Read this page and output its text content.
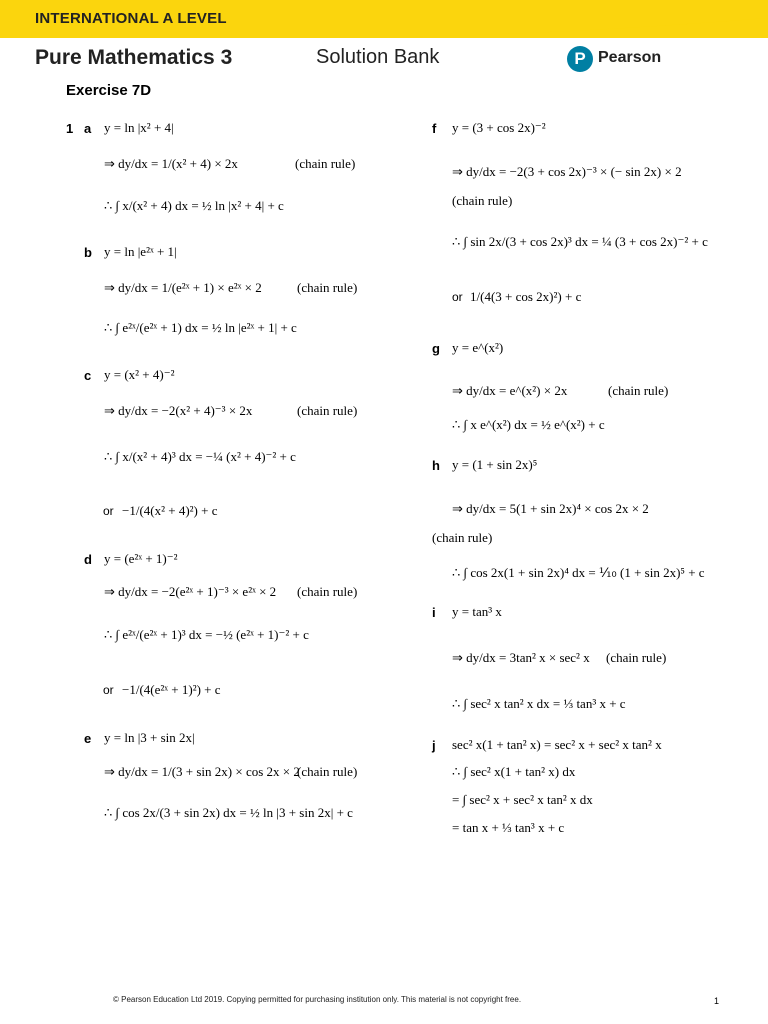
INTERNATIONAL A LEVEL
Pure Mathematics 3	Solution Bank	P Pearson
Exercise 7D
1 a y = ln |x² + 4|
⇒ dy/dx = 1/(x² + 4) × 2x	(chain rule)
∴ ∫ x/(x² + 4) dx = ½ ln |x² + 4| + c
b y = ln |e²ˣ + 1|
⇒ dy/dx = 1/(e²ˣ + 1) × e²ˣ × 2	(chain rule)
∴ ∫ e²ˣ/(e²ˣ + 1) dx = ½ ln |e²ˣ + 1| + c
c y = (x² + 4)⁻²
⇒ dy/dx = −2(x² + 4)⁻³ × 2x	(chain rule)
∴ ∫ x/(x² + 4)³ dx = −¼ (x² + 4)⁻² + c
or −1/(4(x² + 4)²) + c
d y = (e²ˣ + 1)⁻²
⇒ dy/dx = −2(e²ˣ + 1)⁻³ × e²ˣ × 2 (chain rule)
∴ ∫ e²ˣ/(e²ˣ + 1)³ dx = −½ (e²ˣ + 1)⁻² + c
or −1/(4(e²ˣ + 1)²) + c
e y = ln |3 + sin 2x|
⇒ dy/dx = 1/(3 + sin 2x) × cos 2x × 2
(chain rule)
∴ ∫ cos 2x/(3 + sin 2x) dx = ½ ln |3 + sin 2x| + c
f y = (3 + cos 2x)⁻²
⇒ dy/dx = −2(3 + cos 2x)⁻³ × (− sin 2x) × 2
(chain rule)
∴ ∫ sin 2x/(3 + cos 2x)³ dx = ¼ (3 + cos 2x)⁻² + c
or 1/(4(3 + cos 2x)²) + c
g y = e^(x²)
⇒ dy/dx = e^(x²) × 2x	(chain rule)
∴ ∫ x e^(x²) dx = ½ e^(x²) + c
h y = (1 + sin 2x)⁵
⇒ dy/dx = 5(1 + sin 2x)⁴ × cos 2x × 2
(chain rule)
∴ ∫ cos 2x(1 + sin 2x)⁴ dx = ⅒ (1 + sin 2x)⁵ + c
i y = tan³ x
⇒ dy/dx = 3tan² x × sec² x (chain rule)
∴ ∫ sec² x tan² x dx = ⅓ tan³ x + c
j sec² x(1 + tan² x) = sec² x + sec² x tan² x
∴ ∫ sec² x(1 + tan² x) dx
= ∫ sec² x + sec² x tan² x dx
= tan x + ⅓ tan³ x + c
© Pearson Education Ltd 2019. Copying permitted for purchasing institution only. This material is not copyright free.	1
